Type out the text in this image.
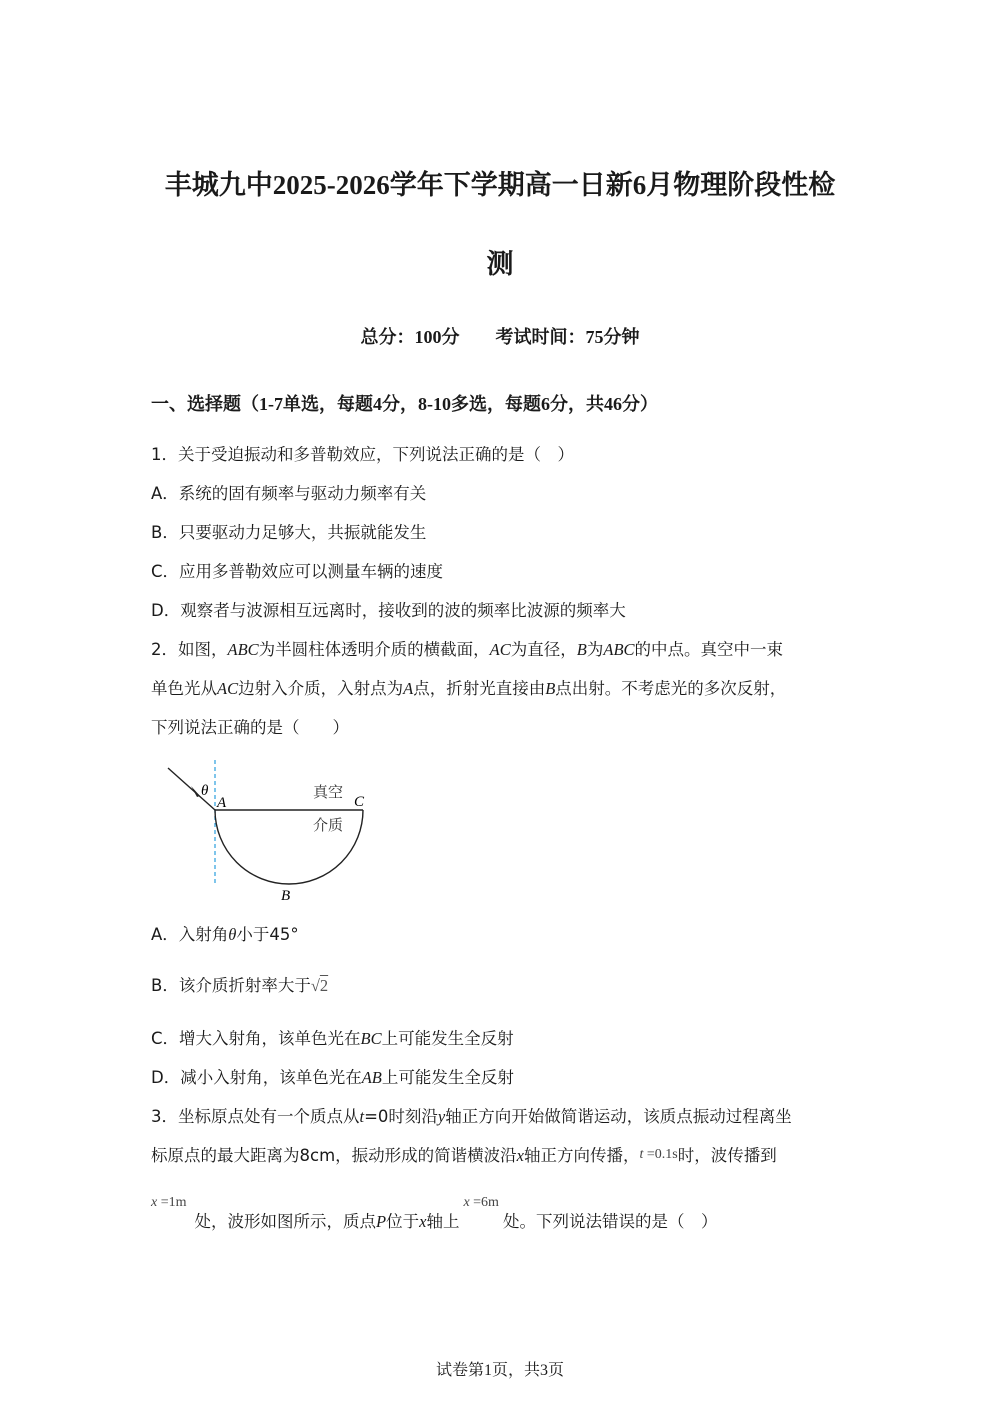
丰城九中2025-2026学年下学期高一日新6月物理阶段性检
测
总分：100分 考试时间：75分钟
一、选择题（1-7单选，每题4分，8-10多选，每题6分，共46分）
1．关于受迫振动和多普勒效应，下列说法正确的是（　）
A．系统的固有频率与驱动力频率有关
B．只要驱动力足够大，共振就能发生
C．应用多普勒效应可以测量车辆的速度
D．观察者与波源相互远离时，接收到的波的频率比波源的频率大
2．如图，ABC为半圆柱体透明介质的横截面，AC为直径，B为ABC的中点。真空中一束
单色光从AC边射入介质，入射点为A点，折射光直接由B点出射。不考虑光的多次反射，
下列说法正确的是（　　）
θ
A	C
B
真空
介质
A．入射角θ小于45°
B．该介质折射率大于√2
C．增大入射角，该单色光在BC上可能发生全反射
D．减小入射角，该单色光在AB上可能发生全反射
3．坐标原点处有一个质点从t=0时刻沿y轴正方向开始做简谐运动，该质点振动过程离坐
标原点的最大距离为8cm，振动形成的简谐横波沿x轴正方向传播，t =0.1s时，波传播到
$^{x =1m}$处，波形如图所示，质点P位于x轴上$^{x =6m}$处。下列说法错误的是（　）
试卷第1页，共3页
